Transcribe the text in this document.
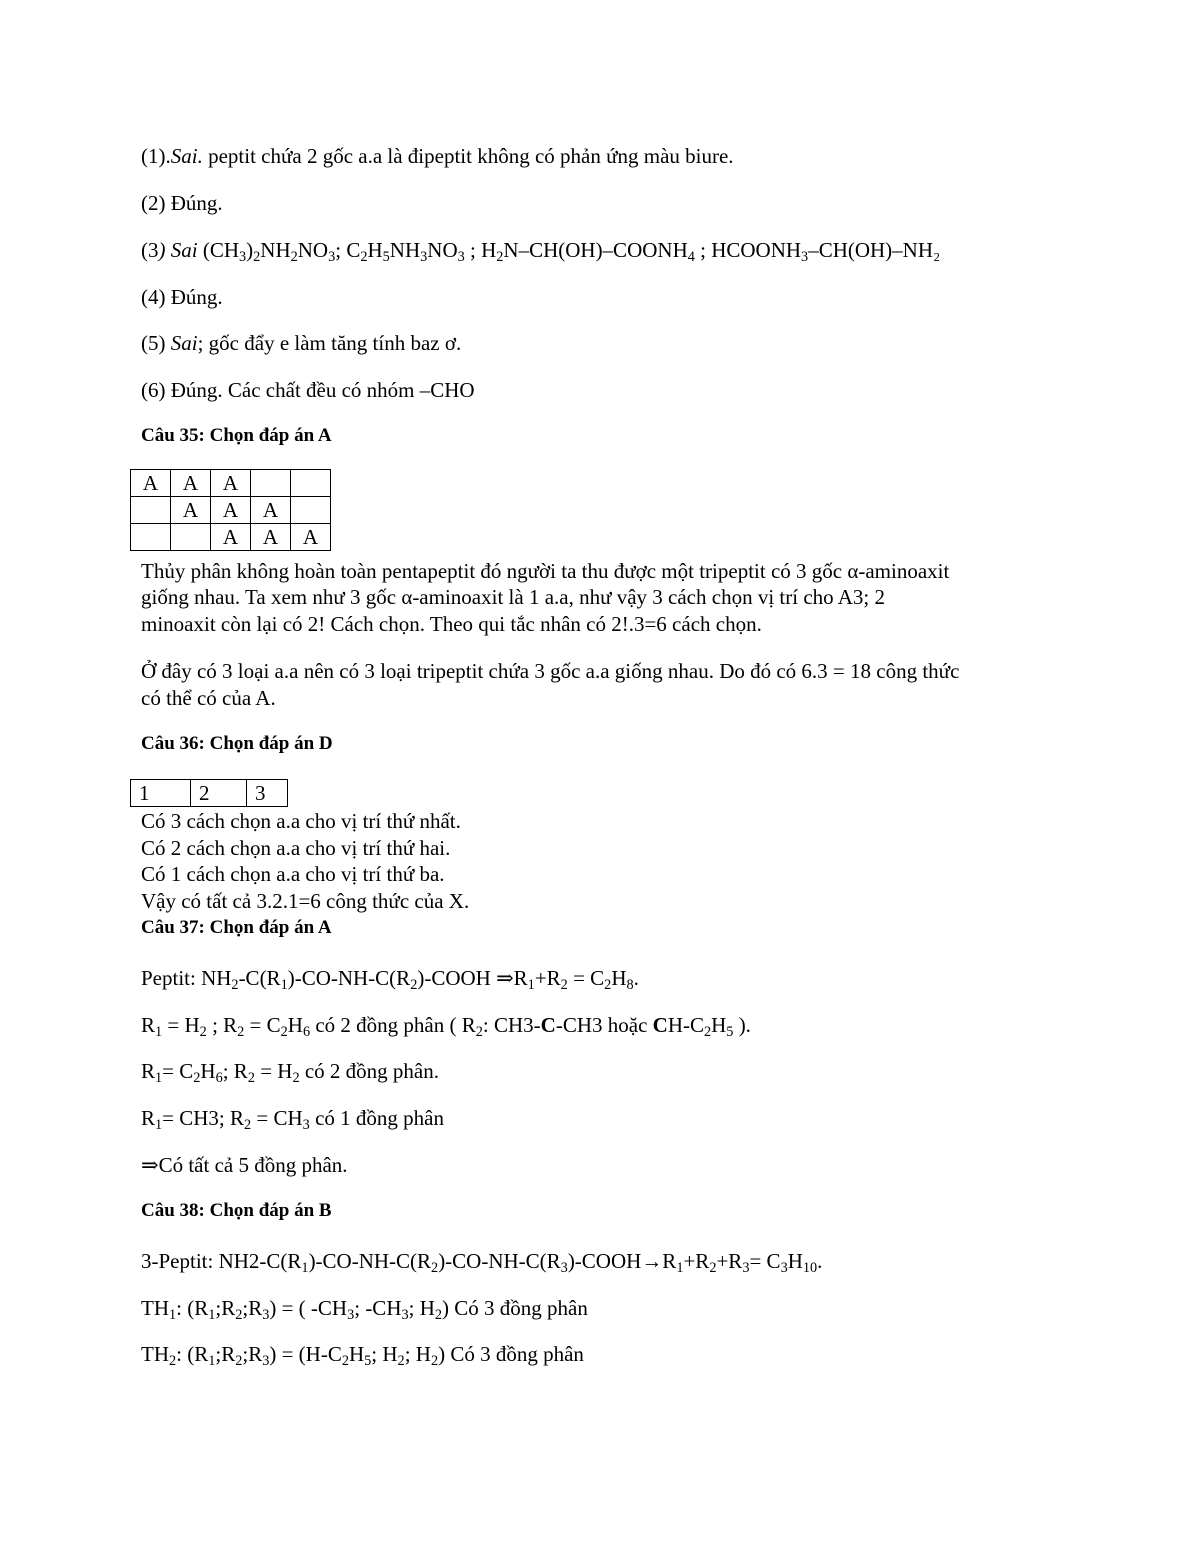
(1).Sai. peptit chứa 2 gốc a.a là đipeptit không có phản ứng màu biure.
(2) Đúng.
(3) Sai $(CH_3)_2NH_2NO_3$; $C_2H_5NH_3NO_3$ ; $H_2N-CH(OH)-COONH_4$ ; $HCOONH_3-CH(OH)$–NH₂
(4) Đúng.
(5) Sai; gốc đẩy e làm tăng tính baz ơ.
(6) Đúng. Các chất đều có nhóm –CHO
Câu 35: Chọn đáp án A
A	A	A		
	A	A	A	
		A	A	A
Thủy phân không hoàn toàn pentapeptit đó người ta thu được một tripeptit có 3 gốc α-aminoaxit
giống nhau. Ta xem như 3 gốc α-aminoaxit là 1 a.a, như vậy 3 cách chọn vị trí cho A3; 2
minoaxit còn lại có 2! Cách chọn. Theo qui tắc nhân có 2!.3=6 cách chọn.
Ở đây có 3 loại a.a nên có 3 loại tripeptit chứa 3 gốc a.a giống nhau. Do đó có 6.3 = 18 công thức
có thể có của A.
Câu 36: Chọn đáp án D
1	2	3
Có 3 cách chọn a.a cho vị trí thứ nhất.
Có 2 cách chọn a.a cho vị trí thứ hai.
Có 1 cách chọn a.a cho vị trí thứ ba.
Vậy có tất cả 3.2.1=6 công thức của X.
Câu 37: Chọn đáp án A
Peptit: $NH_2-C(R_1)-CO-NH-C(R_2)$-COOH $\Rightarrow R_1+R_2 = C_2H_8$.
$R_1 = H_2$ ; $R_2 = C_2H_6$ có 2 đồng phân ( $R_2$: CH3-C-CH3 hoặc $CH-C_2H_5$ ).
$R_1= C_2H_6$; $R_2 = H_2$ có 2 đồng phân.
$R_1= CH3$; $R_2 = CH_3$ có 1 đồng phân
⇒Có tất cả 5 đồng phân.
Câu 38: Chọn đáp án B
3-Peptit: $NH2-C(R_1)-CO-NH-C(R_2)-CO-NH-C(R_3)-COOH\to R_1+R_2+R_3= C_3H_{10}$.
$TH_1$: $(R_1;R_2;R_3)$ = ( $-CH_3$; $-CH_3$; $H_2$) Có 3 đồng phân
$TH_2$: $(R_1;R_2;R_3) = (H-C_2H_5$; $H_2$; $H_2$) Có 3 đồng phân
